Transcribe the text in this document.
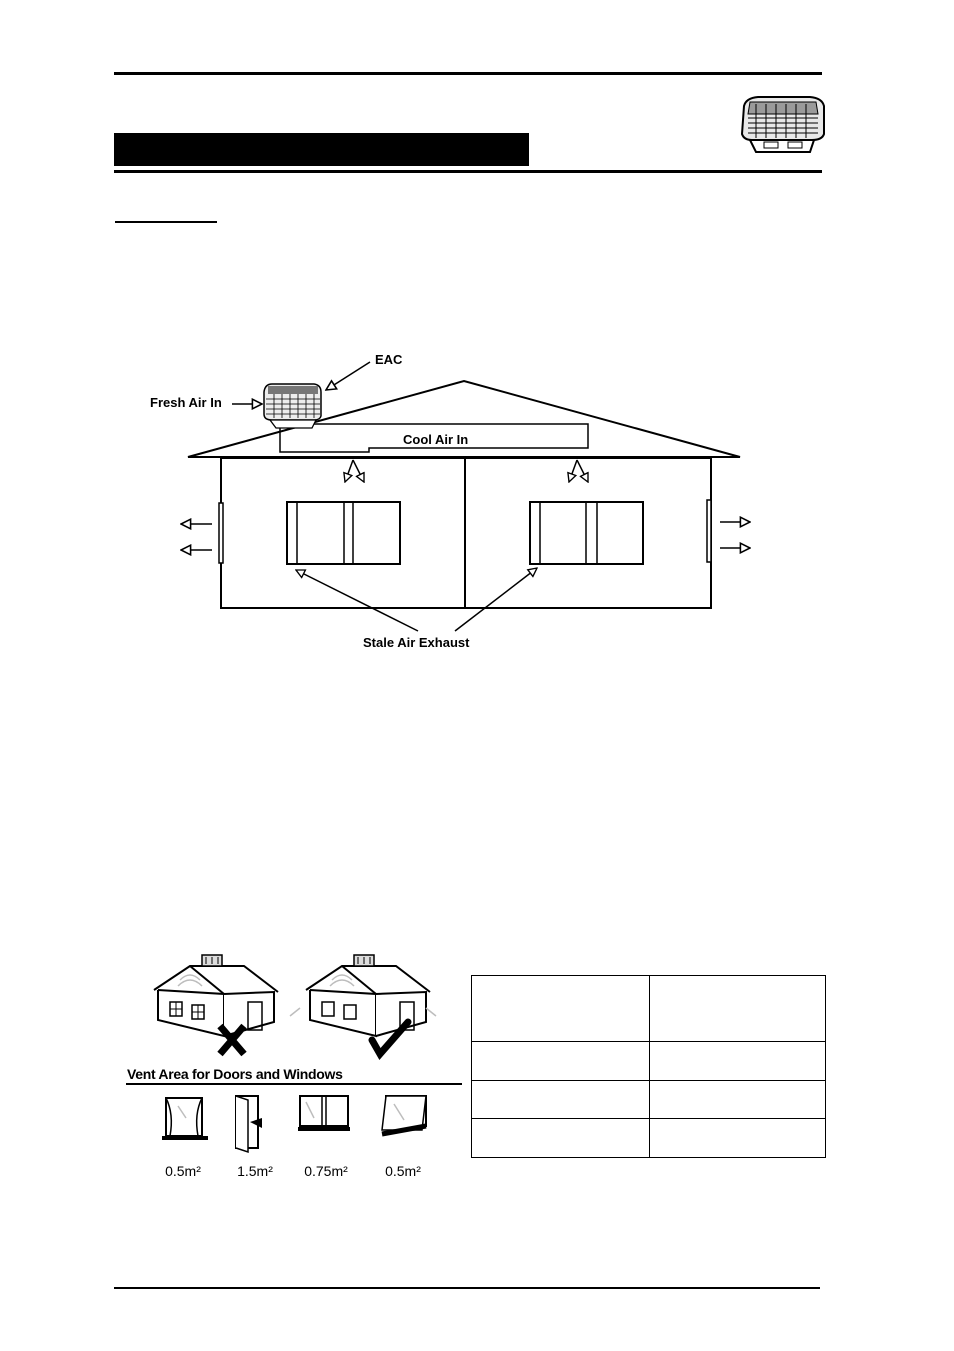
EAC
Fresh Air In
Cool Air In
Stale Air Exhaust
Vent Area for Doors and Windows
0.5m²	1.5m²	0.75m²	0.5m²
